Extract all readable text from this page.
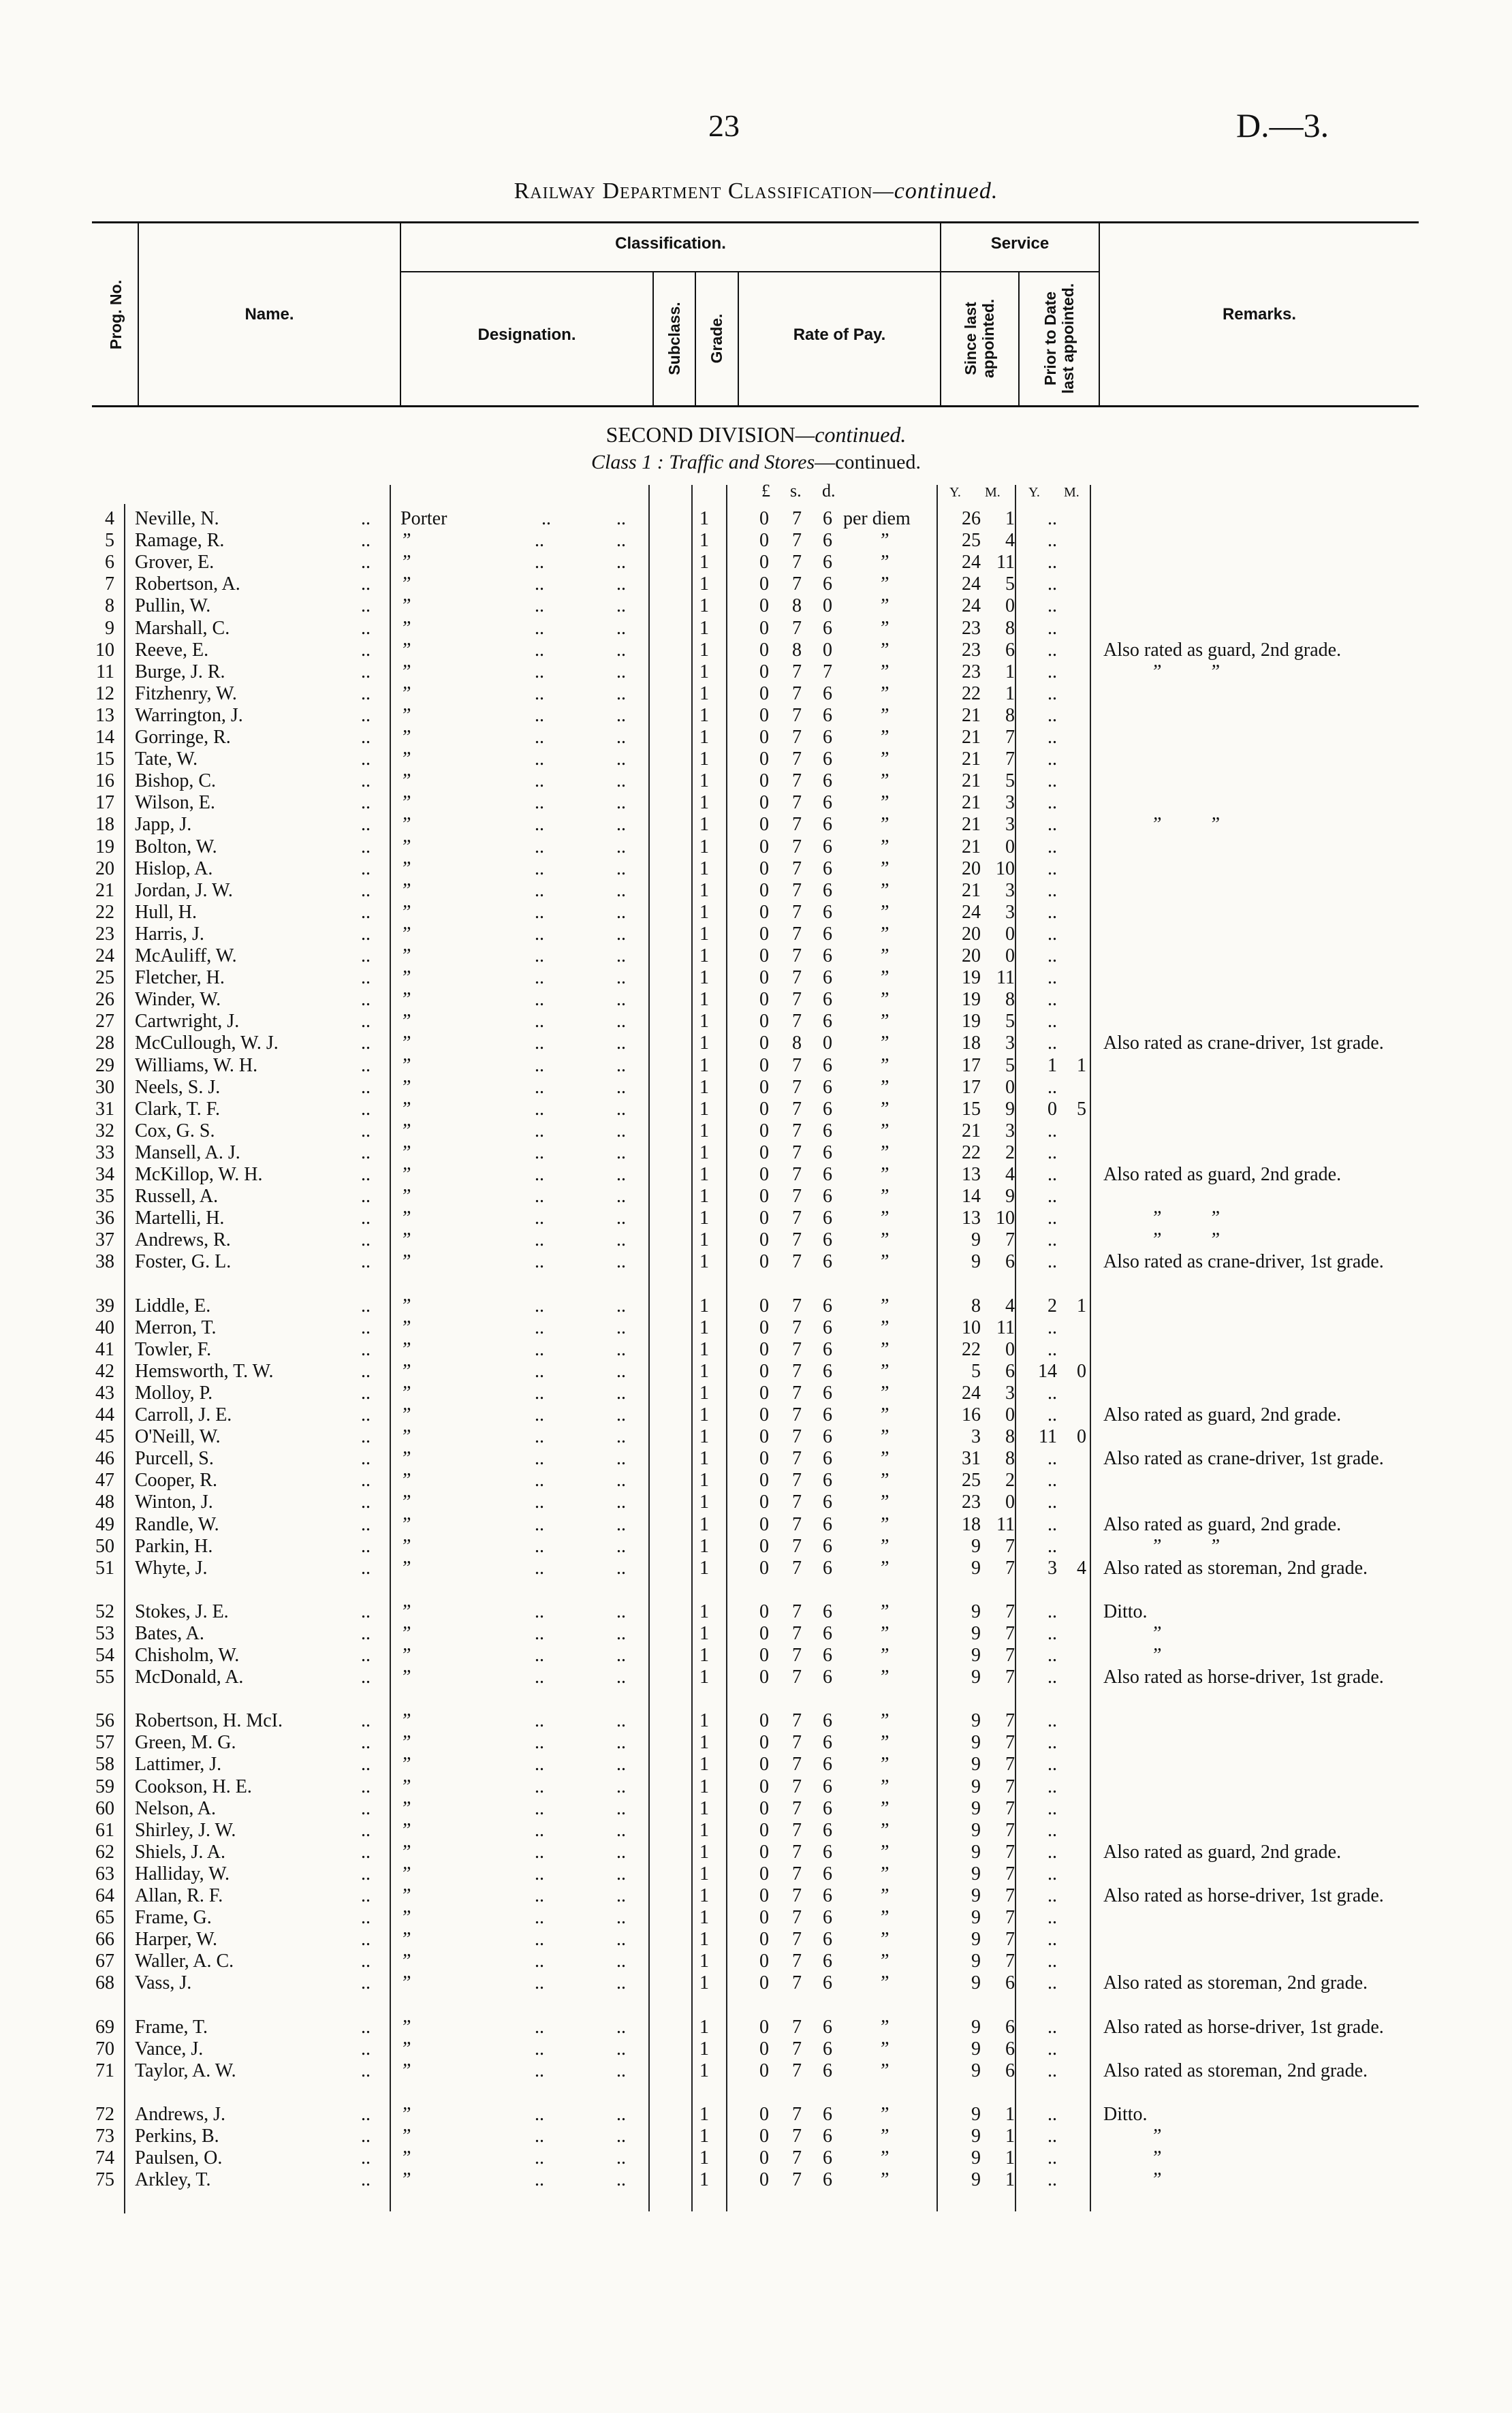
23	D.—3.
Railway Department Classification—continued.
Prog. No.	Name.
Classification.
Designation.	Subclass. Grade.	Rate of Pay.
Service
Since last appointed.	Prior to Date last appointed.	Remarks.
SECOND DIVISION—continued.
Class 1 : Traffic and Stores—continued.
£ s. d.	Y. M. Y. M.
4 Neville, N.	.. Porter	..	..	1	0 7 6 per diem	26	1	..
5 Ramage, R.	.. ”	..	..	1	0 7 6 ”	25	4	..
6 Grover, E.	.. ”	..	..	1	0 7 6 ”	24 11	..
7 Robertson, A.	.. ”	..	..	1	0 7 6 ”	24	5	..
8 Pullin, W.	.. ”	..	..	1	0 8 0 ”	24	0	..
9 Marshall, C.	.. ”	..	..	1	0 7 6 ”	23	8	..
10 Reeve, E.	.. ”	..	..	1	0 8 0 ”	23	6	.. Also rated as guard, 2nd grade.
11 Burge, J. R.	.. ”	..	..	1	0 7 7 ”	23	1	..	”          ”
12 Fitzhenry, W.	.. ”	..	..	1	0 7 6 ”	22	1	..
13 Warrington, J.	.. ”	..	..	1	0 7 6 ”	21	8	..
14 Gorringe, R.	.. ”	..	..	1	0 7 6 ”	21	7	..
15 Tate, W.	.. ”	..	..	1	0 7 6 ”	21	7	..
16 Bishop, C.	.. ”	..	..	1	0 7 6 ”	21	5	..
17 Wilson, E.	.. ”	..	..	1	0 7 6 ”	21	3	..
18 Japp, J.	.. ”	..	..	1	0 7 6 ”	21	3	..	”          ”
19 Bolton, W.	.. ”	..	..	1	0 7 6 ”	21	0	..
20 Hislop, A.	.. ”	..	..	1	0 7 6 ”	20 10	..
21 Jordan, J. W.	.. ”	..	..	1	0 7 6 ”	21	3	..
22 Hull, H.	.. ”	..	..	1	0 7 6 ”	24	3	..
23 Harris, J.	.. ”	..	..	1	0 7 6 ”	20	0	..
24 McAuliff, W.	.. ”	..	..	1	0 7 6 ”	20	0	..
25 Fletcher, H.	.. ”	..	..	1	0 7 6 ”	19 11	..
26 Winder, W.	.. ”	..	..	1	0 7 6 ”	19	8	..
27 Cartwright, J.	.. ”	..	..	1	0 7 6 ”	19	5	..
28 McCullough, W. J.	.. ”	..	..	1	0 8 0 ”	18	3	.. Also rated as crane-driver, 1st grade.
29 Williams, W. H.	.. ”	..	..	1	0 7 6 ”	17	5	1	1
30 Neels, S. J.	.. ”	..	..	1	0 7 6 ”	17	0	..
31 Clark, T. F.	.. ”	..	..	1	0 7 6 ”	15	9	0	5
32 Cox, G. S.	.. ”	..	..	1	0 7 6 ”	21	3	..
33 Mansell, A. J.	.. ”	..	..	1	0 7 6 ”	22	2	..
34 McKillop, W. H.	.. ”	..	..	1	0 7 6 ”	13	4	.. Also rated as guard, 2nd grade.
35 Russell, A.	.. ”	..	..	1	0 7 6 ”	14	9	..
36 Martelli, H.	.. ”	..	..	1	0 7 6 ”	13 10	..	”          ”
37 Andrews, R.	.. ”	..	..	1	0 7 6 ”	9	7	..	”          ”
38 Foster, G. L.	.. ”	..	..	1	0 7 6 ”	9	6	.. Also rated as crane-driver, 1st grade.
39 Liddle, E.	.. ”	..	..	1	0 7 6 ”	8	4	2	1
40 Merron, T.	.. ”	..	..	1	0 7 6 ”	10 11	..
41 Towler, F.	.. ”	..	..	1	0 7 6 ”	22	0	..
42 Hemsworth, T. W.	.. ”	..	..	1	0 7 6 ”	5	6	14	0
43 Molloy, P.	.. ”	..	..	1	0 7 6 ”	24	3	..
44 Carroll, J. E.	.. ”	..	..	1	0 7 6 ”	16	0	.. Also rated as guard, 2nd grade.
45 O'Neill, W.	.. ”	..	..	1	0 7 6 ”	3	8	11	0
46 Purcell, S.	.. ”	..	..	1	0 7 6 ”	31	8	.. Also rated as crane-driver, 1st grade.
47 Cooper, R.	.. ”	..	..	1	0 7 6 ”	25	2	..
48 Winton, J.	.. ”	..	..	1	0 7 6 ”	23	0	..
49 Randle, W.	.. ”	..	..	1	0 7 6 ”	18 11	.. Also rated as guard, 2nd grade.
50 Parkin, H.	.. ”	..	..	1	0 7 6 ”	9	7	..	”          ”
51 Whyte, J.	.. ”	..	..	1	0 7 6 ”	9	7	3	4 Also rated as storeman, 2nd grade.
52 Stokes, J. E.	.. ”	..	..	1	0 7 6 ”	9	7	.. Ditto.
53 Bates, A.	.. ”	..	..	1	0 7 6 ”	9	7	..	”
54 Chisholm, W.	.. ”	..	..	1	0 7 6 ”	9	7	..	”
55 McDonald, A.	.. ”	..	..	1	0 7 6 ”	9	7	.. Also rated as horse-driver, 1st grade.
56 Robertson, H. McI.	.. ”	..	..	1	0 7 6 ”	9	7	..
57 Green, M. G.	.. ”	..	..	1	0 7 6 ”	9	7	..
58 Lattimer, J.	.. ”	..	..	1	0 7 6 ”	9	7	..
59 Cookson, H. E.	.. ”	..	..	1	0 7 6 ”	9	7	..
60 Nelson, A.	.. ”	..	..	1	0 7 6 ”	9	7	..
61 Shirley, J. W.	.. ”	..	..	1	0 7 6 ”	9	7	..
62 Shiels, J. A.	.. ”	..	..	1	0 7 6 ”	9	7	.. Also rated as guard, 2nd grade.
63 Halliday, W.	.. ”	..	..	1	0 7 6 ”	9	7	..
64 Allan, R. F.	.. ”	..	..	1	0 7 6 ”	9	7	.. Also rated as horse-driver, 1st grade.
65 Frame, G.	.. ”	..	..	1	0 7 6 ”	9	7	..
66 Harper, W.	.. ”	..	..	1	0 7 6 ”	9	7	..
67 Waller, A. C.	.. ”	..	..	1	0 7 6 ”	9	7	..
68 Vass, J.	.. ”	..	..	1	0 7 6 ”	9	6	.. Also rated as storeman, 2nd grade.
69 Frame, T.	.. ”	..	..	1	0 7 6 ”	9	6	.. Also rated as horse-driver, 1st grade.
70 Vance, J.	.. ”	..	..	1	0 7 6 ”	9	6	..
71 Taylor, A. W.	.. ”	..	..	1	0 7 6 ”	9	6	.. Also rated as storeman, 2nd grade.
72 Andrews, J.	.. ”	..	..	1	0 7 6 ”	9	1	.. Ditto.
73 Perkins, B.	.. ”	..	..	1	0 7 6 ”	9	1	..	”
74 Paulsen, O.	.. ”	..	..	1	0 7 6 ”	9	1	..	”
75 Arkley, T.	.. ”	..	..	1	0 7 6 ”	9	1	..	”
